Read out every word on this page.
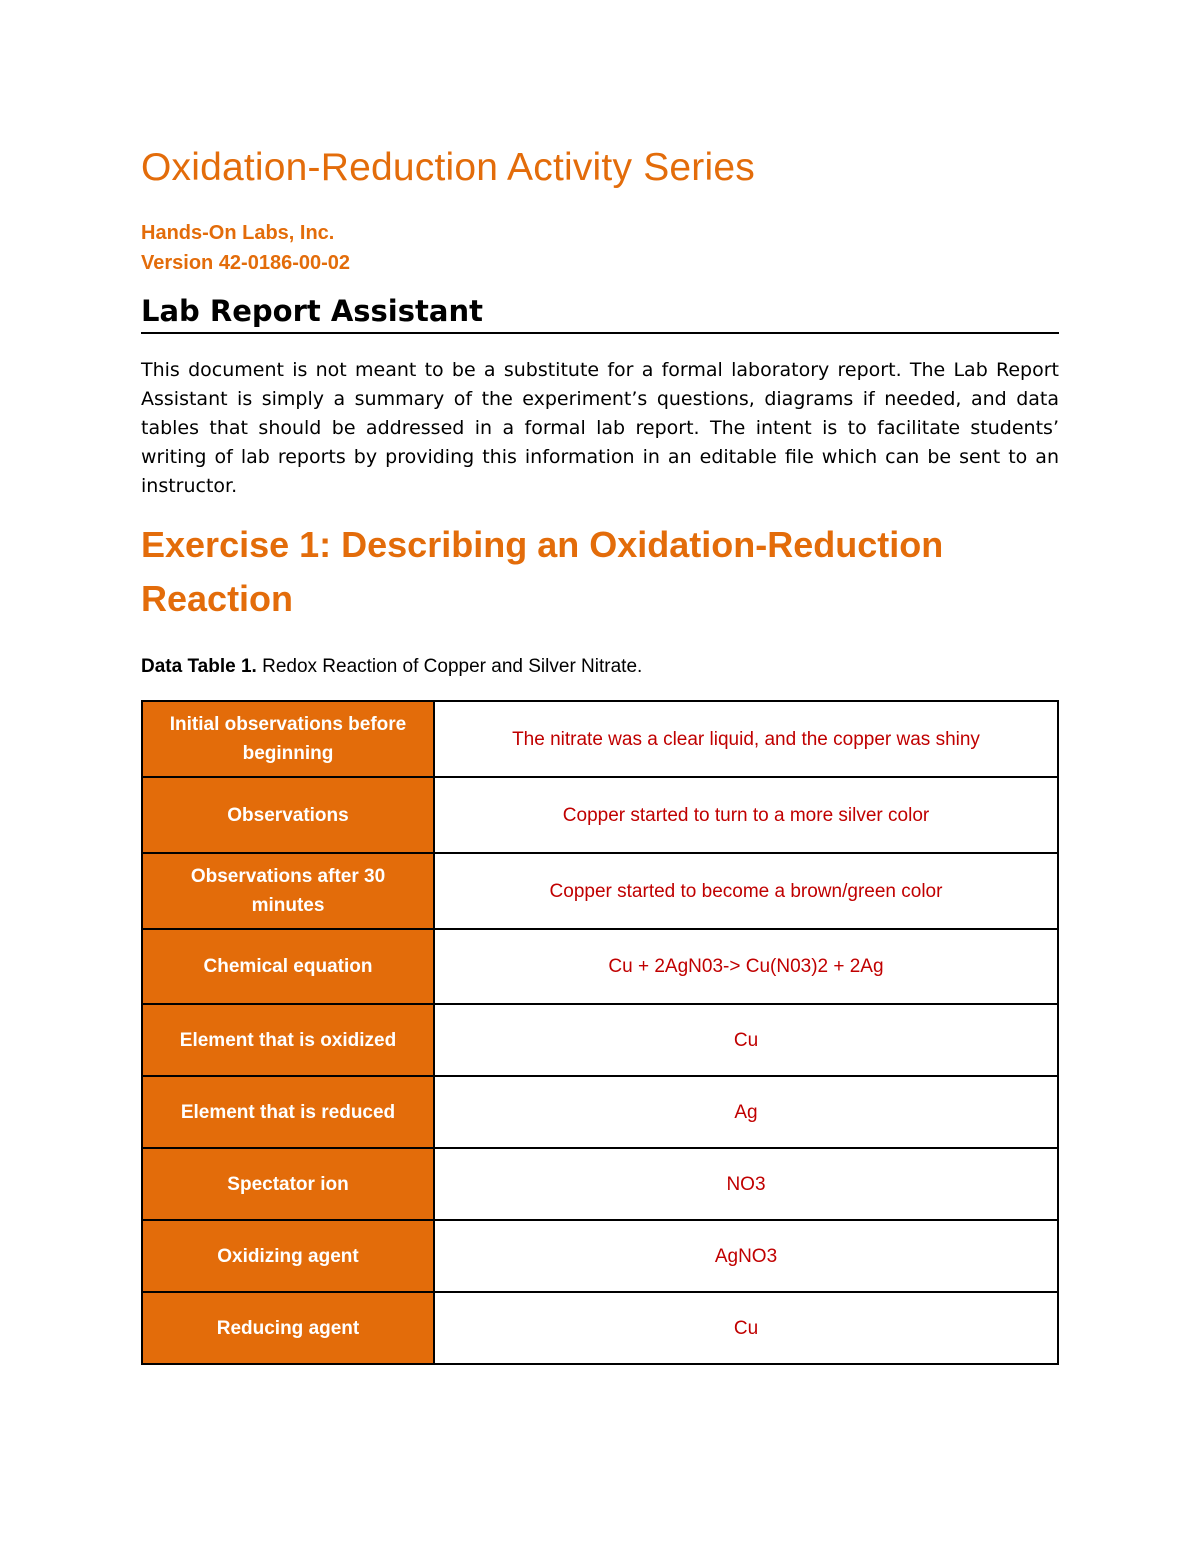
Oxidation-Reduction Activity Series
Hands-On Labs, Inc.
Version 42-0186-00-02
Lab Report Assistant

This document is not meant to be a substitute for a formal laboratory report. The Lab Report Assistant is simply a summary of the experiment’s questions, diagrams if needed, and data tables that should be addressed in a formal lab report. The intent is to facilitate students’ writing of lab reports by providing this information in an editable file which can be sent to an instructor.

Exercise 1: Describing an Oxidation-Reduction Reaction
Data Table 1. Redox Reaction of Copper and Silver Nitrate.
Initial observations before beginning	The nitrate was a clear liquid, and the copper was shiny
Observations	Copper started to turn to a more silver color
Observations after 30 minutes	Copper started to become a brown/green color
Chemical equation	Cu + 2AgN03-> Cu(N03)2 + 2Ag
Element that is oxidized	Cu
Element that is reduced	Ag
Spectator ion	NO3
Oxidizing agent	AgNO3
Reducing agent	Cu
